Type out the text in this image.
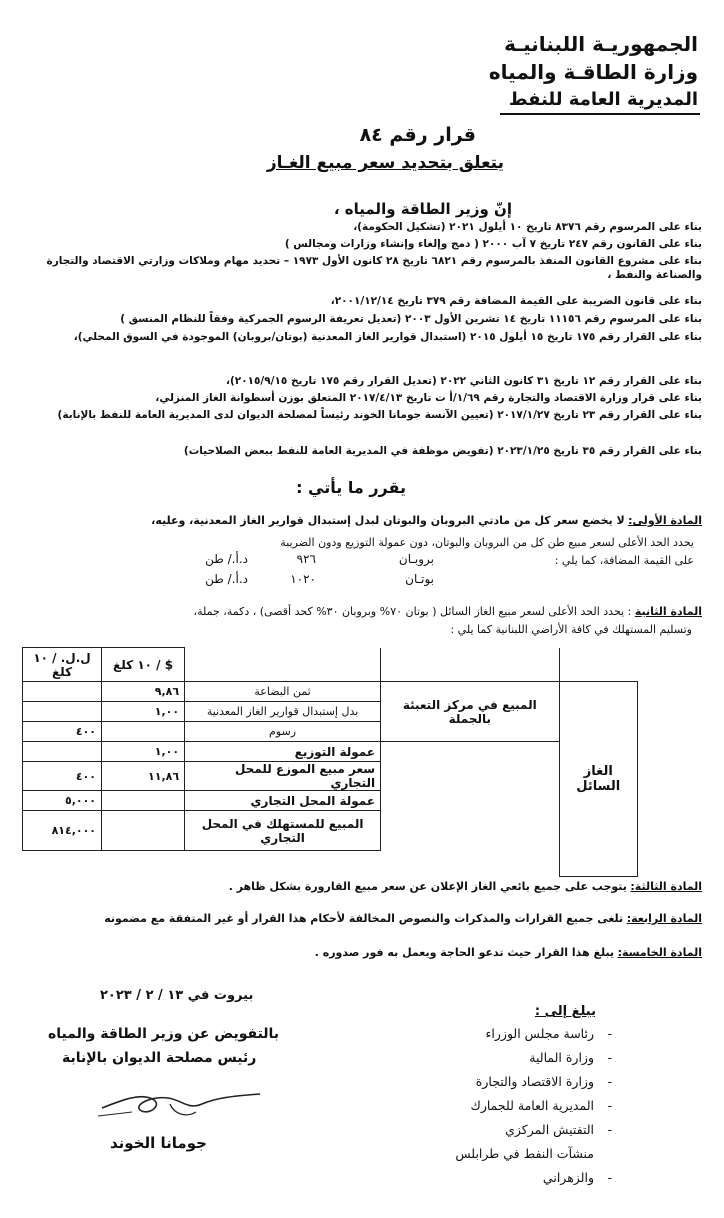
الجمهوريـة اللبنانيـة
وزارة الطاقـة والمياه
المديرية العامة للنفط
قرار رقم ٨٤
يتعلق بتحديد سعر مبيع الغـاز
إنّ وزير الطاقة والمياه ،
بناء على المرسوم رقم ٨٣٧٦ تاريخ ١٠ أيلول ٢٠٢١ (تشكيل الحكومة)،
بناء على القانون رقم ٢٤٧ تاريخ ٧ آب ٢٠٠٠ ( دمج وإلغاء وإنشاء وزارات ومجالس )
بناء على مشروع القانون المنفذ بالمرسوم رقم ٦٨٢١ تاريخ ٢٨ كانون الأول ١٩٧٣ – تحديد مهام وملاكات وزارتي الاقتصاد والتجارة والصناعة والنفط ،
بناء على قانون الضريبة على القيمة المضافة رقم ٣٧٩ تاريخ ٢٠٠١/١٢/١٤،
بناء على المرسوم رقم ١١١٥٦ تاريخ ١٤ تشرين الأول ٢٠٠٣ (تعديل تعريفة الرسوم الجمركية وفقاً للنظام المنسق )
بناء على القرار رقم ١٧٥ تاريخ ١٥ أيلول ٢٠١٥ (استبدال قوارير الغاز المعدنية (بوتان/بروبان) الموجودة في السوق المحلي)،
بناء على القرار رقم ١٢ تاريخ ٣١ كانون الثاني ٢٠٢٢ (تعديل القرار رقم ١٧٥ تاريخ ٢٠١٥/٩/١٥)،
بناء على قرار وزارة الاقتصاد والتجارة رقم ١/٦٩/أ ت تاريخ ٢٠١٧/٤/١٣ المتعلق بوزن أسطوانة الغاز المنزلي،
بناء على القرار رقم ٢٣ تاريخ ٢٠١٧/١/٢٧ (تعيين الآنسة جومانا الخوند رئيساً لمصلحة الديوان لدى المديرية العامة للنفط بالإنابة)
بناء على القرار رقم ٣٥ تاريخ ٢٠٢٣/١/٢٥ (تفويض موظفة في المديرية العامة للنفط ببعض الصلاحيات)
يقرر ما يأتي :
المادة الأولى: لا يخضع سعر كل من مادتي البروبان والبوتان لبدل إستبدال قوارير الغاز المعدنية، وعليه،
يحدد الحد الأعلى لسعر مبيع طن كل من البروبان والبوتان، دون عمولة التوزيع ودون الضريبة
على القيمة المضافة، كما يلي :
بروبـان
٩٢٦
د.أ./ طن
بوتـان
١٠٢٠
د.أ./ طن
المادة الثانية : يحدد الحد الأعلى لسعر مبيع الغاز السائل ( بوتان ٧٠% وبروبان ٣٠% كحد أقصى) ، دكمة، جملة،
وتسليم المستهلك في كافة الأراضي اللبنانية كما يلي :
			$ / ١٠ كلغ	ل.ل. / ١٠ كلغ
الغاز السائل	المبيع في مركز التعبئة بالجملة	ثمن البضاعة	٩,٨٦	
		بدل إستبدال قوارير الغاز المعدنية	١,٠٠	
		رسوم		٤٠٠
		عمولة التوزيع	١,٠٠	
		سعر مبيع الموزع للمحل التجاري	١١,٨٦	٤٠٠
		عمولة المحل التجاري		٥,٠٠٠
		المبيع للمستهلك في المحل التجاري		٨١٤,٠٠٠

المادة الثالثة: يتوجب على جميع بائعي الغاز الإعلان عن سعر مبيع القارورة بشكل ظاهر .
المادة الرابعة: تلغى جميع القرارات والمذكرات والنصوص المخالفة لأحكام هذا القرار أو غير المتفقة مع مضمونه
المادة الخامسة: يبلغ هذا القرار حيث تدعو الحاجة ويعمل به فور صدوره .
بيروت في ١٣ / ٢ / ٢٠٢٣
يبلغ إلى :
رئاسة مجلس الوزراء -
وزارة المالية -
وزارة الاقتصاد والتجارة -
المديرية العامة للجمارك -
التفتيش المركزي -
منشآت النفط في طرابلس والزهراني -
بالتفويض عن وزير الطاقة والمياه
رئيس مصلحة الديوان بالإنابة
جومانا الخوند
